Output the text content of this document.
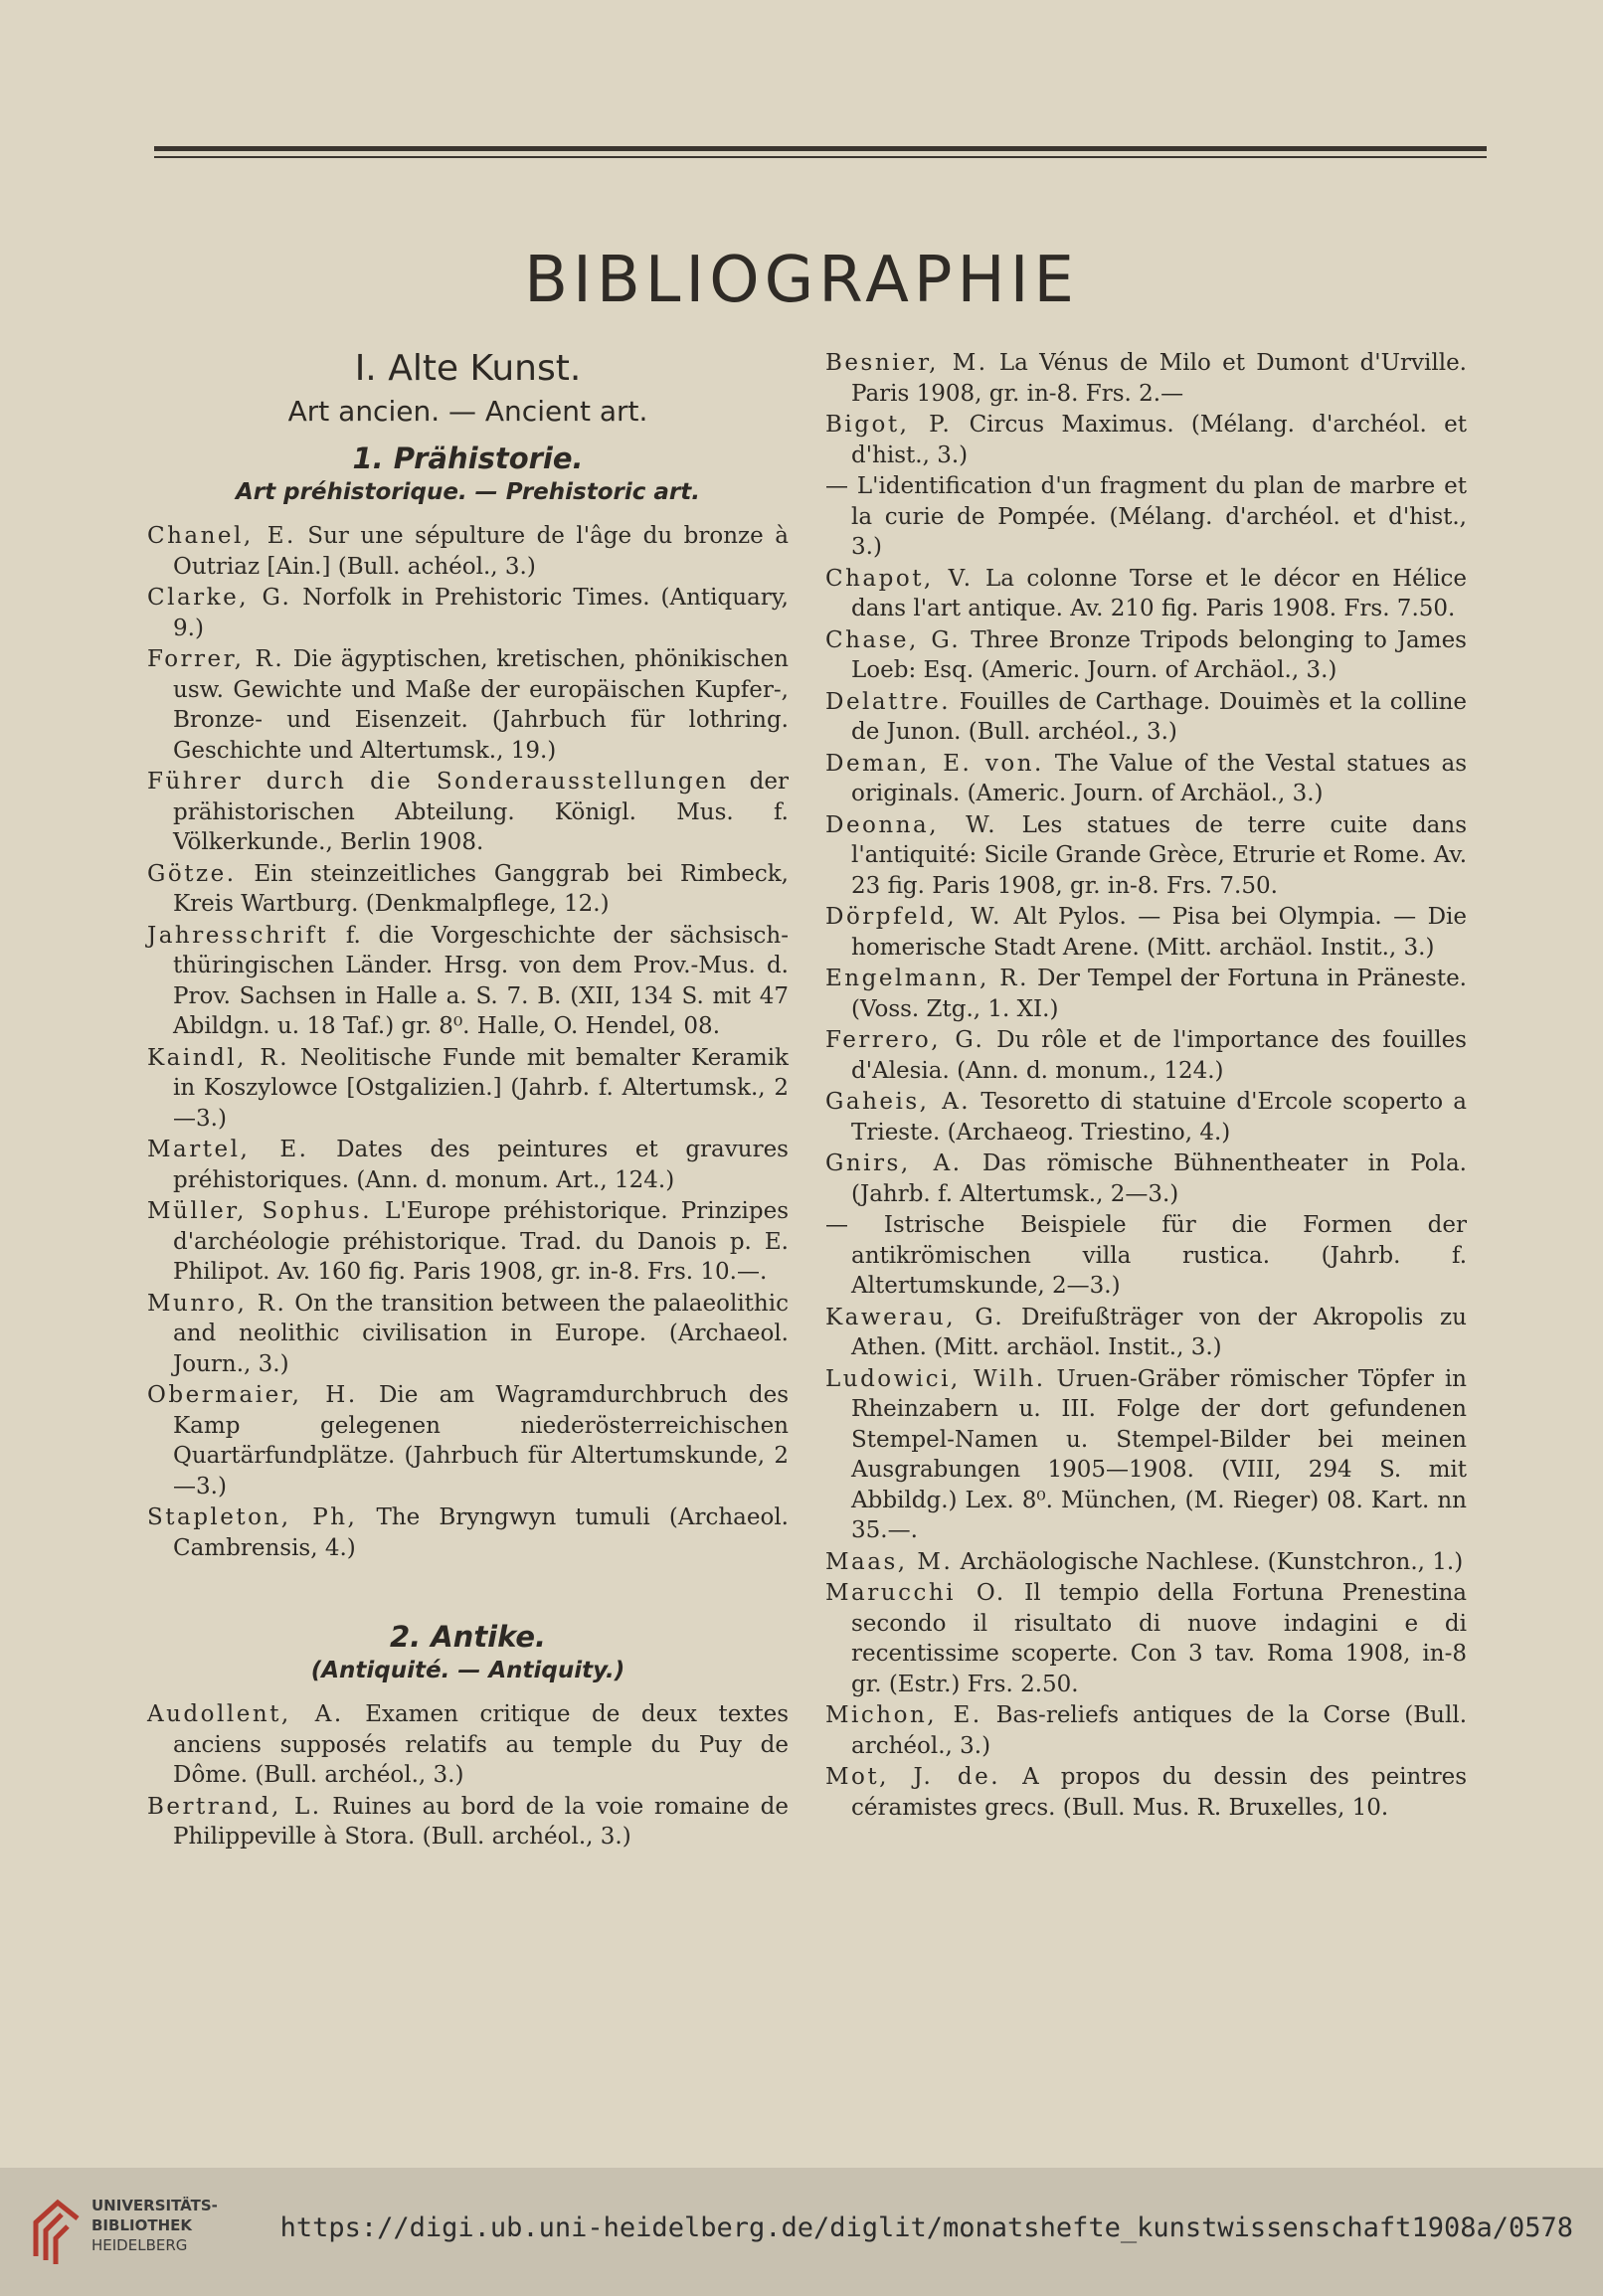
BIBLIOGRAPHIE
I. Alte Kunst.
Art ancien. — Ancient art.
1. Prähistorie.
Art préhistorique. — Prehistoric art.
Chanel, E. Sur une sépulture de l'âge du bronze à Outriaz [Ain.] (Bull. achéol., 3.)
Clarke, G. Norfolk in Prehistoric Times. (Antiquary, 9.)
Forrer, R. Die ägyptischen, kretischen, phönikischen usw. Gewichte und Maße der europäischen Kupfer-, Bronze- und Eisenzeit. (Jahrbuch für lothring. Geschichte und Altertumsk., 19.)
Führer durch die Sonderausstellungen der prähistorischen Abteilung. Königl. Mus. f. Völkerkunde., Berlin 1908.
Götze. Ein steinzeitliches Ganggrab bei Rimbeck, Kreis Wartburg. (Denkmalpflege, 12.)
Jahresschrift f. die Vorgeschichte der sächsisch-thüringischen Länder. Hrsg. von dem Prov.-Mus. d. Prov. Sachsen in Halle a. S. 7. B. (XII, 134 S. mit 47 Abildgn. u. 18 Taf.) gr. 8⁰. Halle, O. Hendel, 08.
Kaindl, R. Neolitische Funde mit bemalter Keramik in Koszylowce [Ostgalizien.] (Jahrb. f. Altertumsk., 2—3.)
Martel, E. Dates des peintures et gravures préhistoriques. (Ann. d. monum. Art., 124.)
Müller, Sophus. L'Europe préhistorique. Prinzipes d'archéologie préhistorique. Trad. du Danois p. E. Philipot. Av. 160 fig. Paris 1908, gr. in-8. Frs. 10.—.
Munro, R. On the transition between the palaeolithic and neolithic civilisation in Europe. (Archaeol. Journ., 3.)
Obermaier, H. Die am Wagramdurchbruch des Kamp gelegenen niederösterreichischen Quartärfundplätze. (Jahrbuch für Altertumskunde, 2—3.)
Stapleton, Ph, The Bryngwyn tumuli (Archaeol. Cambrensis, 4.)
2. Antike.
(Antiquité. — Antiquity.)
Audollent, A. Examen critique de deux textes anciens supposés relatifs au temple du Puy de Dôme. (Bull. archéol., 3.)
Bertrand, L. Ruines au bord de la voie romaine de Philippeville à Stora. (Bull. archéol., 3.)
Besnier, M. La Vénus de Milo et Dumont d'Urville. Paris 1908, gr. in-8. Frs. 2.—
Bigot, P. Circus Maximus. (Mélang. d'archéol. et d'hist., 3.)
— L'identification d'un fragment du plan de marbre et la curie de Pompée. (Mélang. d'archéol. et d'hist., 3.)
Chapot, V. La colonne Torse et le décor en Hélice dans l'art antique. Av. 210 fig. Paris 1908. Frs. 7.50.
Chase, G. Three Bronze Tripods belonging to James Loeb: Esq. (Americ. Journ. of Archäol., 3.)
Delattre. Fouilles de Carthage. Douimès et la colline de Junon. (Bull. archéol., 3.)
Deman, E. von. The Value of the Vestal statues as originals. (Americ. Journ. of Archäol., 3.)
Deonna, W. Les statues de terre cuite dans l'antiquité: Sicile Grande Grèce, Etrurie et Rome. Av. 23 fig. Paris 1908, gr. in-8. Frs. 7.50.
Dörpfeld, W. Alt Pylos. — Pisa bei Olympia. — Die homerische Stadt Arene. (Mitt. archäol. Instit., 3.)
Engelmann, R. Der Tempel der Fortuna in Präneste. (Voss. Ztg., 1. XI.)
Ferrero, G. Du rôle et de l'importance des fouilles d'Alesia. (Ann. d. monum., 124.)
Gaheis, A. Tesoretto di statuine d'Ercole scoperto a Trieste. (Archaeog. Triestino, 4.)
Gnirs, A. Das römische Bühnentheater in Pola. (Jahrb. f. Altertumsk., 2—3.)
— Istrische Beispiele für die Formen der antikrömischen villa rustica. (Jahrb. f. Altertumskunde, 2—3.)
Kawerau, G. Dreifußträger von der Akropolis zu Athen. (Mitt. archäol. Instit., 3.)
Ludowici, Wilh. Uruen-Gräber römischer Töpfer in Rheinzabern u. III. Folge der dort gefundenen Stempel-Namen u. Stempel-Bilder bei meinen Ausgrabungen 1905—1908. (VIII, 294 S. mit Abbildg.) Lex. 8⁰. München, (M. Rieger) 08. Kart. nn 35.—.
Maas, M. Archäologische Nachlese. (Kunstchron., 1.)
Marucchi O. Il tempio della Fortuna Prenestina secondo il risultato di nuove indagini e di recentissime scoperte. Con 3 tav. Roma 1908, in-8 gr. (Estr.) Frs. 2.50.
Michon, E. Bas-reliefs antiques de la Corse (Bull. archéol., 3.)
Mot, J. de. A propos du dessin des peintres céramistes grecs. (Bull. Mus. R. Bruxelles, 10.
UNIVERSITÄTS-
BIBLIOTHEK
HEIDELBERG
https://digi.ub.uni-heidelberg.de/diglit/monatshefte_kunstwissenschaft1908a/0578
